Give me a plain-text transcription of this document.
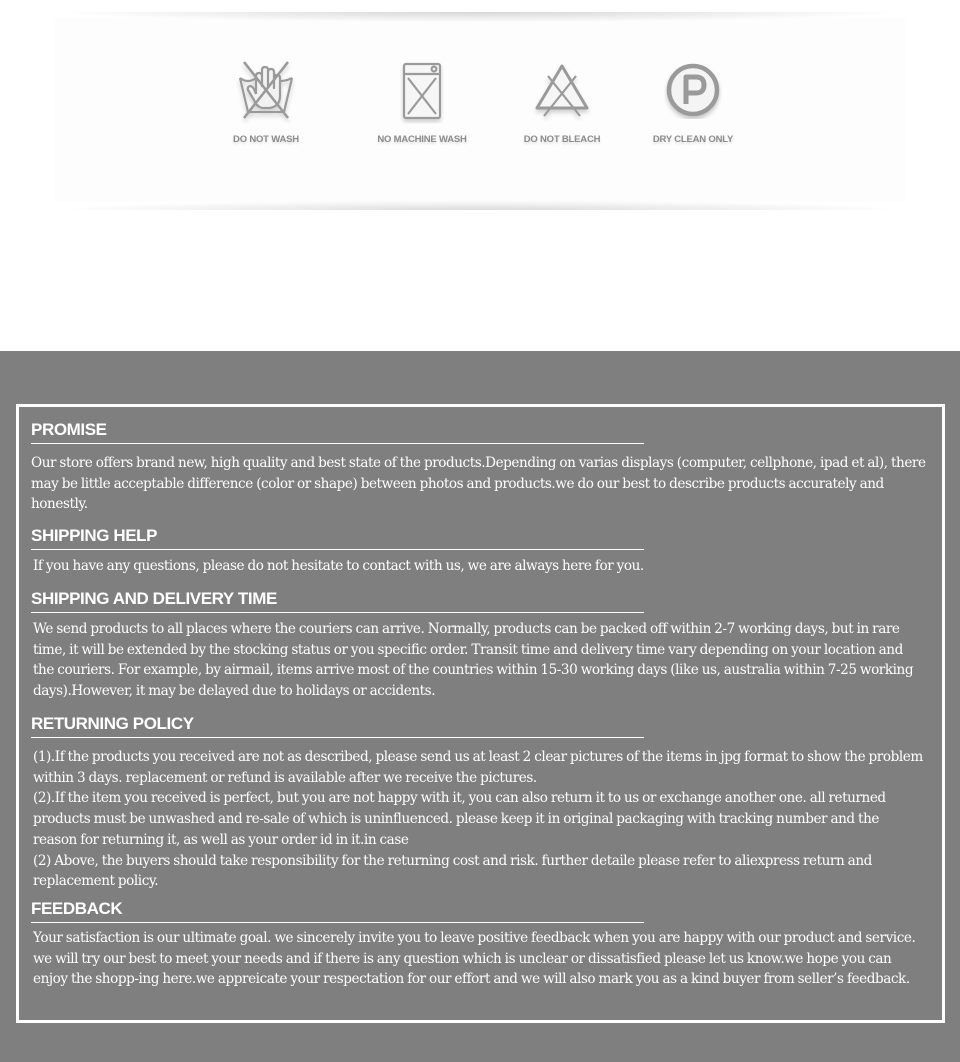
DO NOT WASH	NO MACHINE WASH	DO NOT BLEACH	DRY CLEAN ONLY
PROMISE
Our store offers brand new, high quality and best state of the products.Depending on varias displays (computer, cellphone, ipad et al), there may be little acceptable difference (color or shape) between photos and products.we do our best to describe products accurately and honestly.
SHIPPING HELP
If you have any questions, please do not hesitate to contact with us, we are always here for you.
SHIPPING AND DELIVERY TIME
We send products to all places where the couriers can arrive. Normally, products can be packed off within 2-7 working days, but in rare time, it will be extended by the stocking status or you specific order. Transit time and delivery time vary depending on your location and the couriers. For example, by airmail, items arrive most of the countries within 15-30 working days (like us, australia within 7-25 working days).However, it may be delayed due to holidays or accidents.
RETURNING POLICY
(1).If the products you received are not as described, please send us at least 2 clear pictures of the items in jpg format to show the problem within 3 days. replacement or refund is available after we receive the pictures.
(2).If the item you received is perfect, but you are not happy with it, you can also return it to us or exchange another one. all returned products must be unwashed and re-sale of which is uninfluenced. please keep it in original packaging with tracking number and the reason for returning it, as well as your order id in it.in case
(2) Above, the buyers should take responsibility for the returning cost and risk. further detaile please refer to aliexpress return and replacement policy.
FEEDBACK
Your satisfaction is our ultimate goal. we sincerely invite you to leave positive feedback when you are happy with our product and service. we will try our best to meet your needs and if there is any question which is unclear or dissatisfied please let us know.we hope you can enjoy the shopp-ing here.we appreicate your respectation for our effort and we will also mark you as a kind buyer from seller’s feedback.
